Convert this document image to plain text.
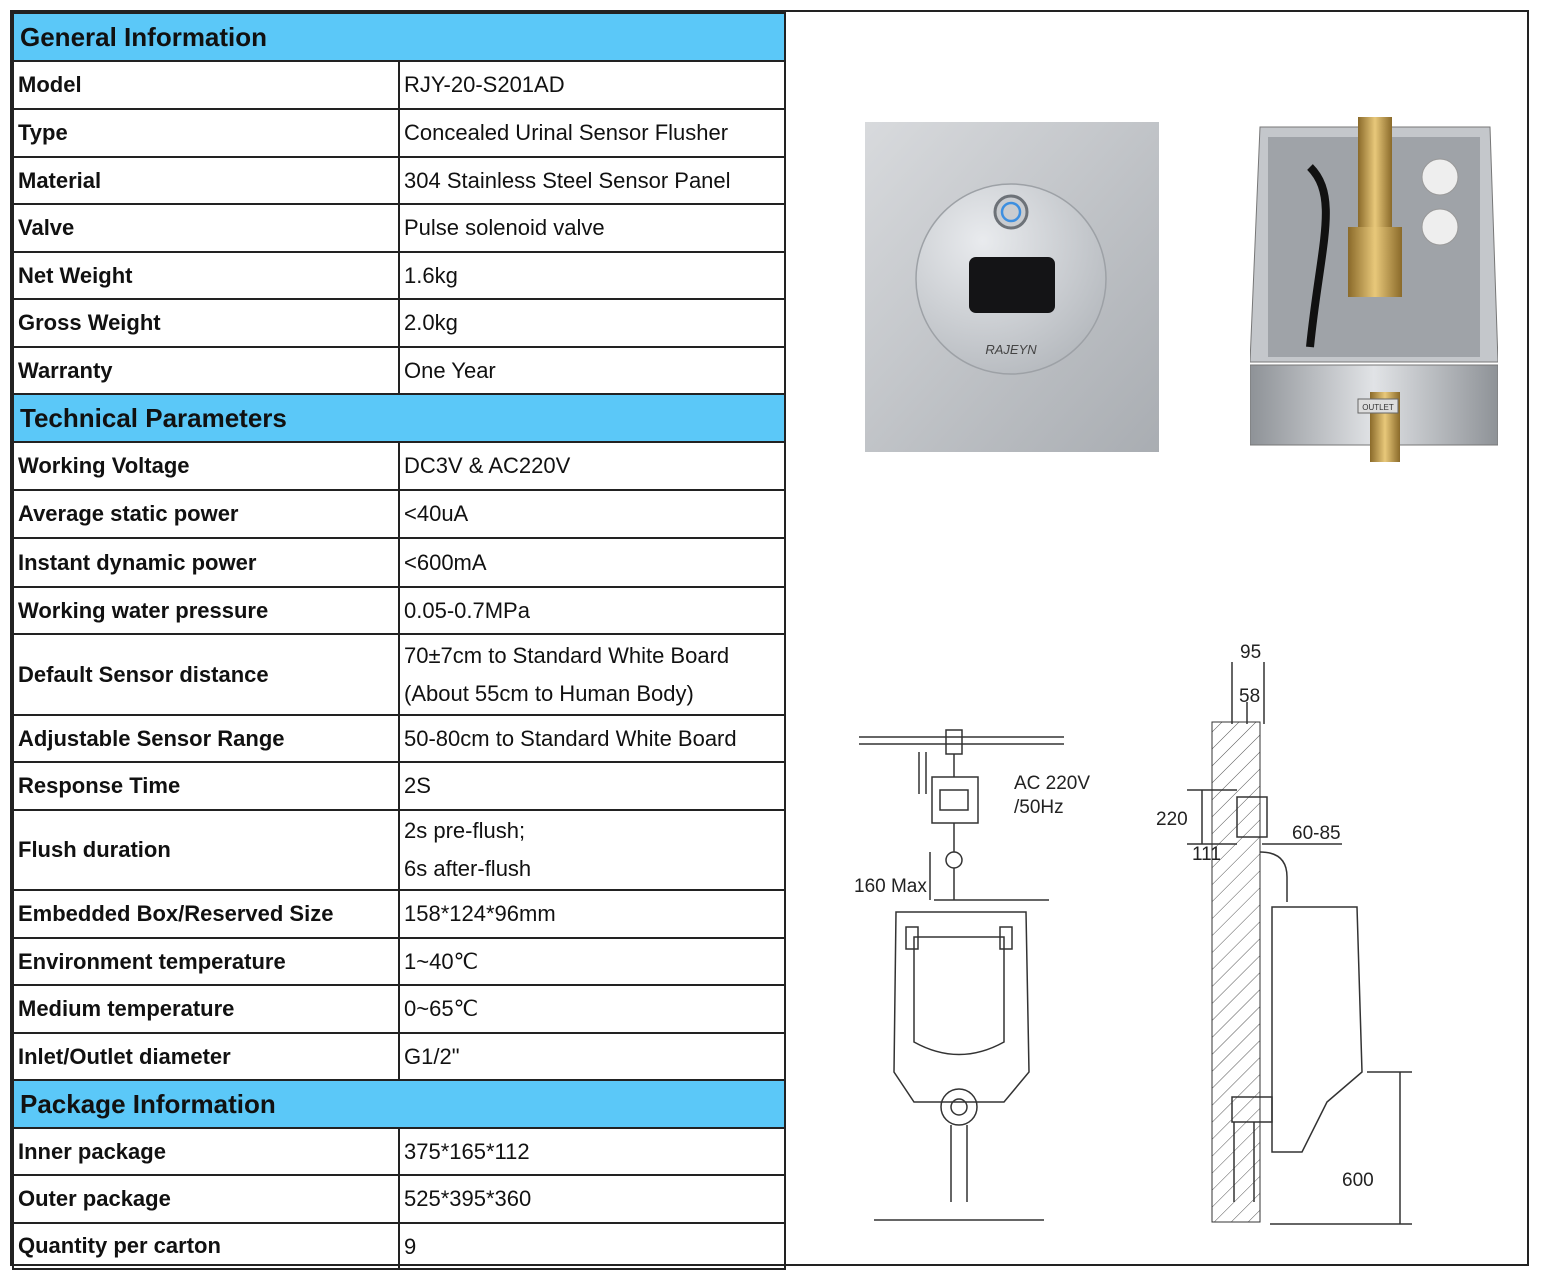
General Information	
Model	RJY-20-S201AD
Type	Concealed Urinal Sensor Flusher
Material	304 Stainless Steel Sensor Panel
Valve	Pulse solenoid valve
Net Weight	1.6kg
Gross Weight	2.0kg
Warranty	One Year
Technical Parameters	
Working Voltage	DC3V & AC220V
Average static power	<40uA
Instant dynamic power	<600mA
Working water pressure	0.05-0.7MPa
Default Sensor distance	70±7cm to Standard White Board
(About 55cm to Human Body)

Adjustable Sensor Range	50-80cm to Standard White Board
Response Time	2S
Flush duration	2s pre-flush;
6s after-flush

Embedded Box/Reserved Size	158*124*96mm
Environment temperature	1~40℃
Medium temperature	0~65℃
Inlet/Outlet diameter	G1/2"
Package Information	
Inner package	375*165*112
Outer package	525*395*360
Quantity per carton	9
RAJEYN
OUTLET
AC 220V
/50Hz
160 Max
95
58
220
111
60-85
600
